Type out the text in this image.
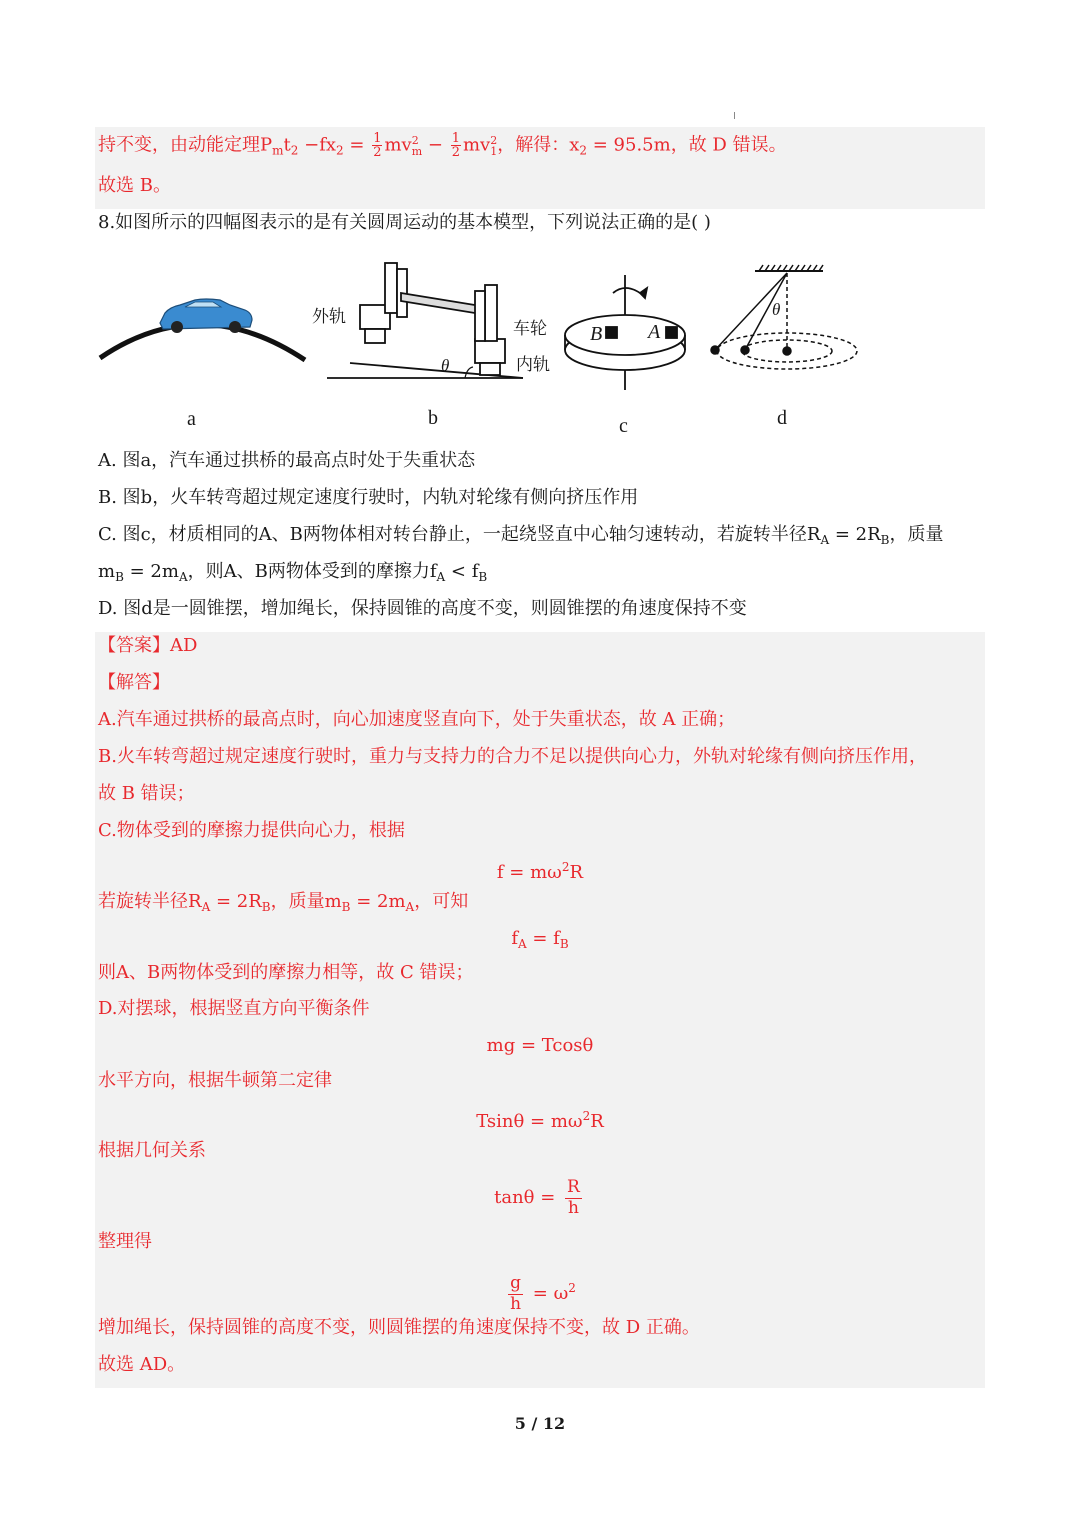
持不变，由动能定理$P_mt_2 -fx_2 = \frac{1}{2}$ mv 2
$m - \frac{1}{2}$ mv 2
1 ，解得：$x_2 = 95.5m$，故 D 错误。
故选 B。
8.如图所示的四幅图表示的是有关圆周运动的基本模型，下列说法正确的是( )
外轨
车轮
内轨
θ
B A
θ
a	b	c	d
A. 图a，汽车通过拱桥的最高点时处于失重状态
B. 图b，火车转弯超过规定速度行驶时，内轨对轮缘有侧向挤压作用
C. 图c，材质相同的A、B两物体相对转台静止，一起绕竖直中心轴匀速转动，若旋转半径$R_A = 2R_B$，质量
$m_B = 2m_A$，则A、B两物体受到的摩擦力$f_A < f_B$
D. 图d是一圆锥摆，增加绳长，保持圆锥的高度不变，则圆锥摆的角速度保持不变
【答案】AD
【解答】
A.汽车通过拱桥的最高点时，向心加速度竖直向下，处于失重状态，故 A 正确；
B.火车转弯超过规定速度行驶时，重力与支持力的合力不足以提供向心力，外轨对轮缘有侧向挤压作用，
故 B 错误；
C.物体受到的摩擦力提供向心力，根据
$f = m\omega^2R$
若旋转半径$R_A = 2R_B$，质量$m_B = 2m_A$，可知
$f_A = f_B$
则A、B两物体受到的摩擦力相等，故 C 错误；
D.对摆球，根据竖直方向平衡条件
mg = Tcosθ
水平方向，根据牛顿第二定律
$Tsin\theta = m\omega^2R$
根据几何关系
$\tan\theta = \frac{R}{h}$
整理得
$\frac{g}{h} = \omega^2$
增加绳长，保持圆锥的高度不变，则圆锥摆的角速度保持不变，故 D 正确。
故选 AD。
5 / 12
